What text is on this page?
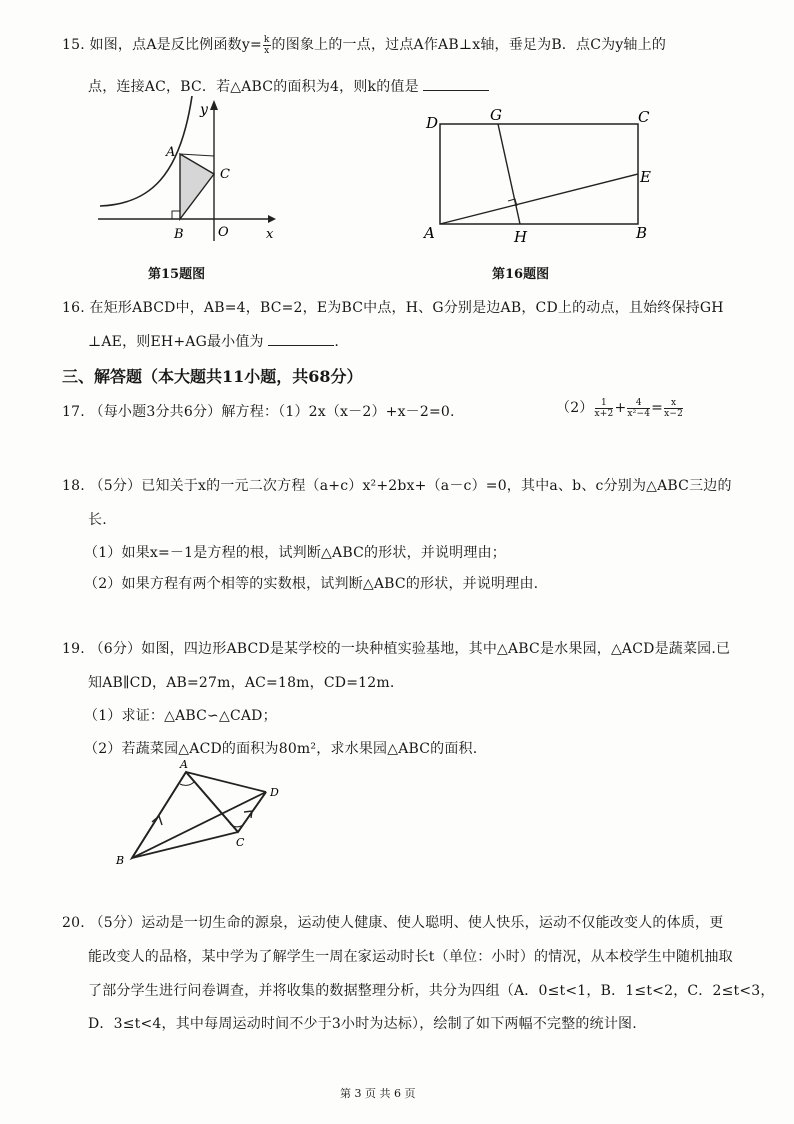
15. 如图，点A是反比例函数$y= \frac{k}{x}$ 的图象上的一点，过点A作AB⊥x轴，垂足为B．点C为y轴上的
点，连接AC，BC．若△ABC的面积为4，则k的值是
y
A
C
B	O	x
第15题图
D	G	C
E
A	H	B
第16题图
16. 在矩形ABCD中，AB=4，BC=2，E为BC中点，H、G分别是边AB，CD上的动点，且始终保持GH
⊥AE，则EH+AG最小值为	.
三、解答题（本大题共11小题，共68分）
17. （每小题3分共6分）解方程：（1）2x（x－2）+x－2=0.	$(2) \frac{1}{x+2} + \frac{4}{\text{x²−4}} = \frac{x}{x-2}$
18. （5分）已知关于x的一元二次方程（a+c）x²+2bx+（a－c）=0，其中a、b、c分别为△ABC三边的
长.
（1）如果x=－1是方程的根，试判断△ABC的形状，并说明理由；
（2）如果方程有两个相等的实数根，试判断△ABC的形状，并说明理由.
19. （6分）如图，四边形ABCD是某学校的一块种植实验基地，其中△ABC是水果园，△ACD是蔬菜园.已
知AB∥CD，AB=27m，AC=18m，CD=12m.
（1）求证：△ABC∽△CAD；
（2）若蔬菜园△ACD的面积为80m²，求水果园△ABC的面积.
A
D
C
B
20. （5分）运动是一切生命的源泉，运动使人健康、使人聪明、使人快乐，运动不仅能改变人的体质，更
能改变人的品格，某中学为了解学生一周在家运动时长t（单位：小时）的情况，从本校学生中随机抽取
了部分学生进行问卷调查，并将收集的数据整理分析，共分为四组（A．0≤t<1，B．1≤t<2，C．2≤t<3，
D．3≤t<4，其中每周运动时间不少于3小时为达标），绘制了如下两幅不完整的统计图.
第 3 页 共 6 页
